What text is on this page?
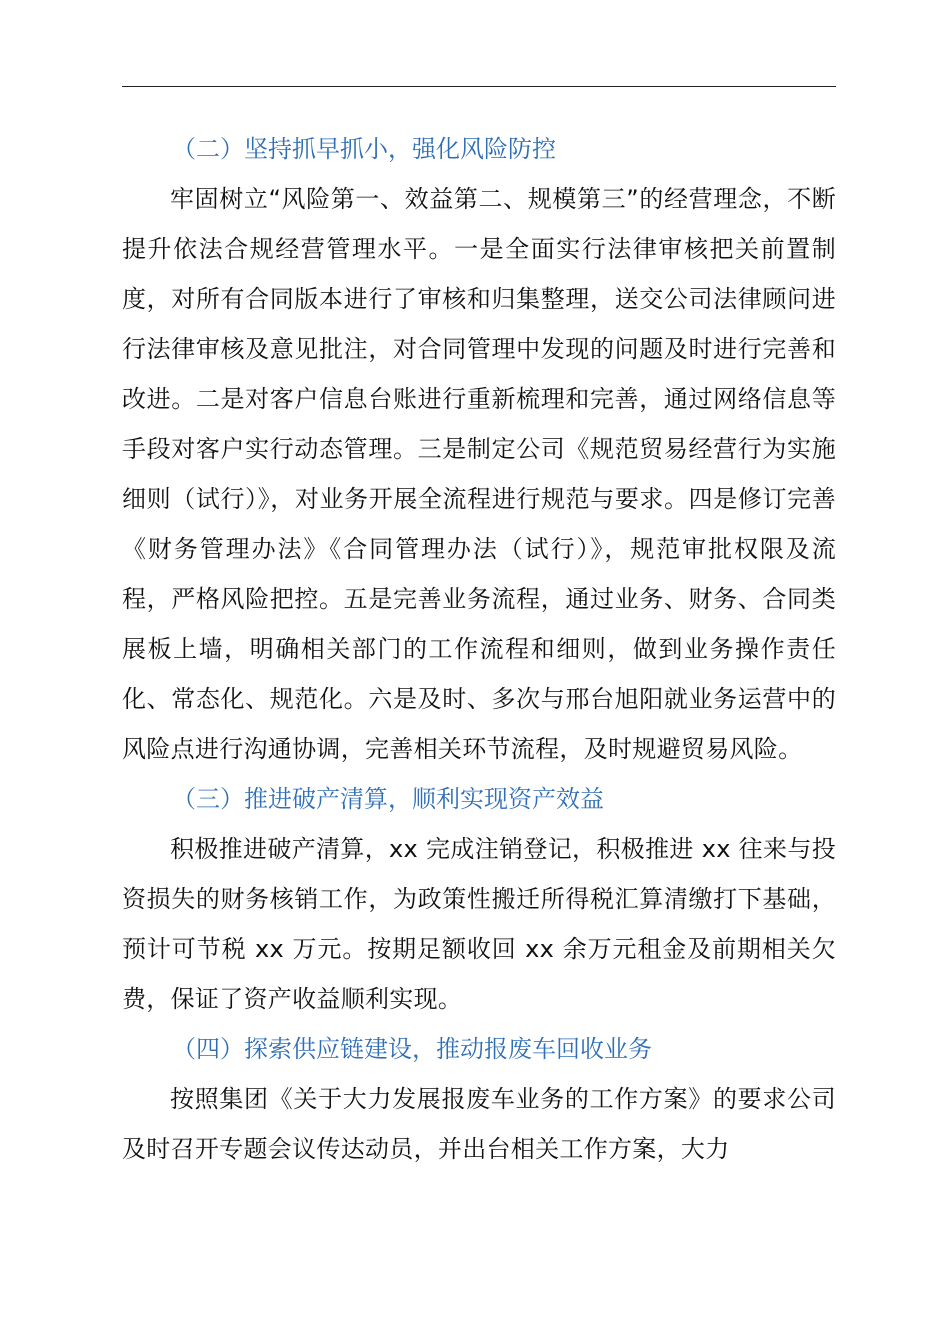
（二）坚持抓早抓小，强化风险防控

牢固树立“风险第一、效益第二、规模第三”的经营理念，不断提升依法合规经营管理水平。一是全面实行法律审核把关前置制度，对所有合同版本进行了审核和归集整理，送交公司法律顾问进行法律审核及意见批注，对合同管理中发现的问题及时进行完善和改进。二是对客户信息台账进行重新梳理和完善，通过网络信息等手段对客户实行动态管理。三是制定公司《规范贸易经营行为实施细则（试行）》，对业务开展全流程进行规范与要求。四是修订完善《财务管理办法》《合同管理办法（试行）》，规范审批权限及流程，严格风险把控。五是完善业务流程，通过业务、财务、合同类展板上墙，明确相关部门的工作流程和细则，做到业务操作责任化、常态化、规范化。六是及时、多次与邢台旭阳就业务运营中的风险点进行沟通协调，完善相关环节流程，及时规避贸易风险。

（三）推进破产清算，顺利实现资产效益

积极推进破产清算，xx 完成注销登记，积极推进 xx 往来与投资损失的财务核销工作，为政策性搬迁所得税汇算清缴打下基础，预计可节税 xx 万元。按期足额收回 xx 余万元租金及前期相关欠费，保证了资产收益顺利实现。

（四）探索供应链建设，推动报废车回收业务

按照集团《关于大力发展报废车业务的工作方案》的要求公司及时召开专题会议传达动员，并出台相关工作方案，大力
